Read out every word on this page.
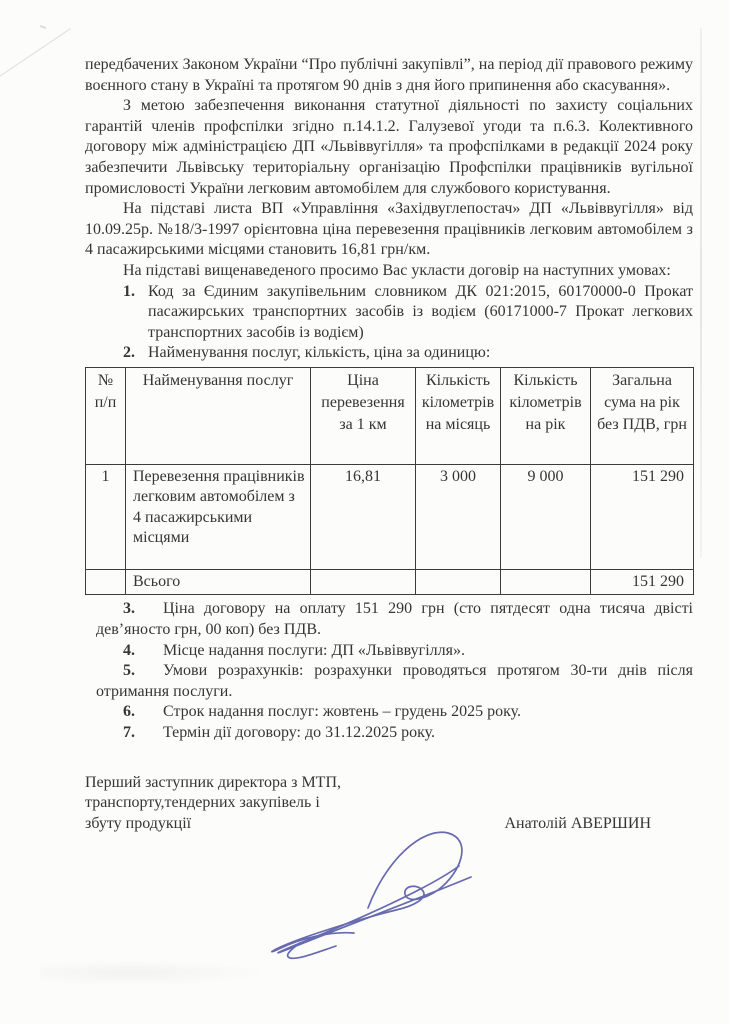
передбачених Законом України “Про публічні закупівлі”, на період дії правового режиму воєнного стану в Україні та протягом 90 днів з дня його припинення або скасування».

З метою забезпечення виконання статутної діяльності по захисту соціальних гарантій членів профспілки згідно п.14.1.2. Галузевої угоди та п.6.3. Колективного договору між адміністрацією ДП «Львіввугілля» та профспілками в редакції 2024 року забезпечити Львівську територіальну організацію Профспілки працівників вугільної промисловості України легковим автомобілем для службового користування.

На підставі листа ВП «Управління «Західвуглепостач» ДП «Львіввугілля» від 10.09.25р. №18/3-1997 орієнтовна ціна перевезення працівників легковим автомобілем з 4 пасажирськими місцями становить 16,81 грн/км.

На підставі вищенаведеного просимо Вас укласти договір на наступних умовах:

1. Код за Єдиним закупівельним словником ДК 021:2015, 60170000-0 Прокат пасажирських транспортних засобів із водієм (60171000-7 Прокат легкових транспортних засобів із водієм)
2. Найменування послуг, кількість, ціна за одиницю:
№ п/п	Найменування послуг	Ціна перевезення за 1 км	Кількість кілометрів на місяць	Кількість кілометрів на рік	Загальна сума на рік без ПДВ, грн
1	Перевезення працівників легковим автомобілем з 4 пасажирськими місцями	16,81	3 000	9 000	151 290
	Всього				151 290
3. Ціна договору на оплату 151 290 грн (сто пятдесят одна тисяча двісті дев’яносто грн, 00 коп) без ПДВ.
4. Місце надання послуги: ДП «Львіввугілля».
5. Умови розрахунків: розрахунки проводяться протягом 30-ти днів після отримання послуги.
6. Строк надання послуг: жовтень – грудень 2025 року.
7. Термін дії договору: до 31.12.2025 року.
Перший заступник директора з МТП,
транспорту,тендерних закупівель і
збуту продукції	Анатолій АВЕРШИН
